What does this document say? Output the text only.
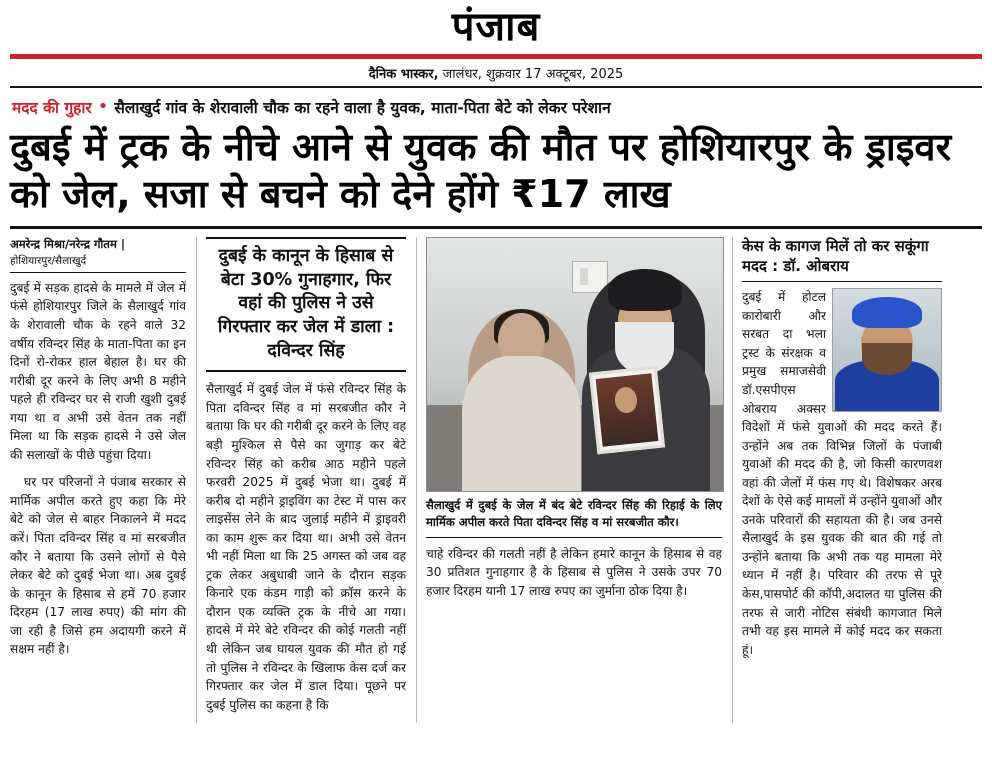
पंजाब
दैनिक भास्कर, जालंधर, शुक्रवार 17 अक्टूबर, 2025
मदद की गुहार • सैलाखुर्द गांव के शेरावाली चौक का रहने वाला है युवक, माता-पिता बेटे को लेकर परेशान
दुबई में ट्रक के नीचे आने से युवक की मौत पर होशियारपुर के ड्राइवर को जेल, सजा से बचने को देने होंगे ₹17 लाख
अमरेन्द्र मिश्रा/नरेन्द्र गौतम |
होशियारपुर/सैलाखुर्द

दुबई में सड़क हादसे के मामले में जेल में फंसे होशियारपुर जिले के सैलाखुर्द गांव के शेरावाली चौक के रहने वाले 32 वर्षीय रविन्दर सिंह के माता-पिता का इन दिनों रो-रोकर हाल बेहाल है। घर की गरीबी दूर करने के लिए अभी 8 महीने पहले ही रविन्दर घर से राजी खुशी दुबई गया था व अभी उसे वेतन तक नहीं मिला था कि सड़क हादसे ने उसे जेल की सलाखों के पीछे पहुंचा दिया।

घर पर परिजनों ने पंजाब सरकार से मार्मिक अपील करते हुए कहा कि मेरे बेटे को जेल से बाहर निकालने में मदद करें। पिता दविन्दर सिंह व मां सरबजीत कौर ने बताया कि उसने लोगों से पैसे लेकर बेटे को दुबई भेजा था। अब दुबई के कानून के हिसाब से हमें 70 हजार दिरहम (17 लाख रुपए) की मांग की जा रही है जिसे हम अदायगी करने में सक्षम नहीं है।

दुबई के कानून के हिसाब से बेटा 30% गुनाहगार, फिर वहां की पुलिस ने उसे गिरफ्तार कर जेल में डाला : दविन्दर सिंह

सैलाखुर्द में दुबई जेल में फंसे रविन्दर सिंह के पिता दविन्दर सिंह व मां सरबजीत कौर ने बताया कि घर की गरीबी दूर करने के लिए वह बड़ी मुश्किल से पैसे का जुगाड़ कर बेटे रविन्दर सिंह को करीब आठ महीने पहले फरवरी 2025 में दुबई भेजा था। दुबई में करीब दो महीने ड्राइविंग का टेस्ट में पास कर लाइसेंस लेने के बाद जुलाई महीने में ड्राइवरी का काम शुरू कर दिया था। अभी उसे वेतन भी नहीं मिला था कि 25 अगस्त को जब वह ट्रक लेकर अबुधाबी जाने के दौरान सड़क किनारे एक कंडम गाड़ी को क्रॉस करने के दौरान एक व्यक्ति ट्रक के नीचे आ गया। हादसे में मेरे बेटे रविन्दर की कोई गलती नहीं थी लेकिन जब घायल युवक की मौत हो गई तो पुलिस ने रविन्दर के खिलाफ केस दर्ज कर गिरफ्तार कर जेल में डाल दिया। पूछने पर दुबई पुलिस का कहना है कि

सैलाखुर्द में दुबई के जेल में बंद बेटे रविन्दर सिंह की रिहाई के लिए मार्मिक अपील करते पिता दविन्दर सिंह व मां सरबजीत कौर।

चाहे रविन्दर की गलती नहीं है लेकिन हमारे कानून के हिसाब से वह 30 प्रतिशत गुनाहगार है के हिसाब से पुलिस ने उसके उपर 70 हजार दिरहम यानी 17 लाख रुपए का जुर्माना ठोक दिया है।

केस के कागज मिलें तो कर सकूंगा मदद : डॉ. ओबराय

दुबई में होटल कारोबारी और सरबत दा भला ट्रस्ट के संरक्षक व प्रमुख समाजसेवी डॉ.एसपीएस ओबराय अक्सर विदेशों में फंसे युवाओं की मदद करते हैं। उन्होंने अब तक विभिन्न जिलों के पंजाबी युवाओं की मदद की है, जो किसी कारणवश वहां की जेलों में फंस गए थे। विशेषकर अरब देशों के ऐसे कई मामलों में उन्होंने युवाओं और उनके परिवारों की सहायता की है। जब उनसे सैलाखुर्द के इस युवक की बात की गई तो उन्होंने बताया कि अभी तक यह मामला मेरे ध्यान में नहीं है। परिवार की तरफ से पूरे केस,पासपोर्ट की कॉपी,अदालत या पुलिस की तरफ से जारी नोटिस संबंधी कागजात मिले तभी वह इस मामले में कोई मदद कर सकता हूं।
